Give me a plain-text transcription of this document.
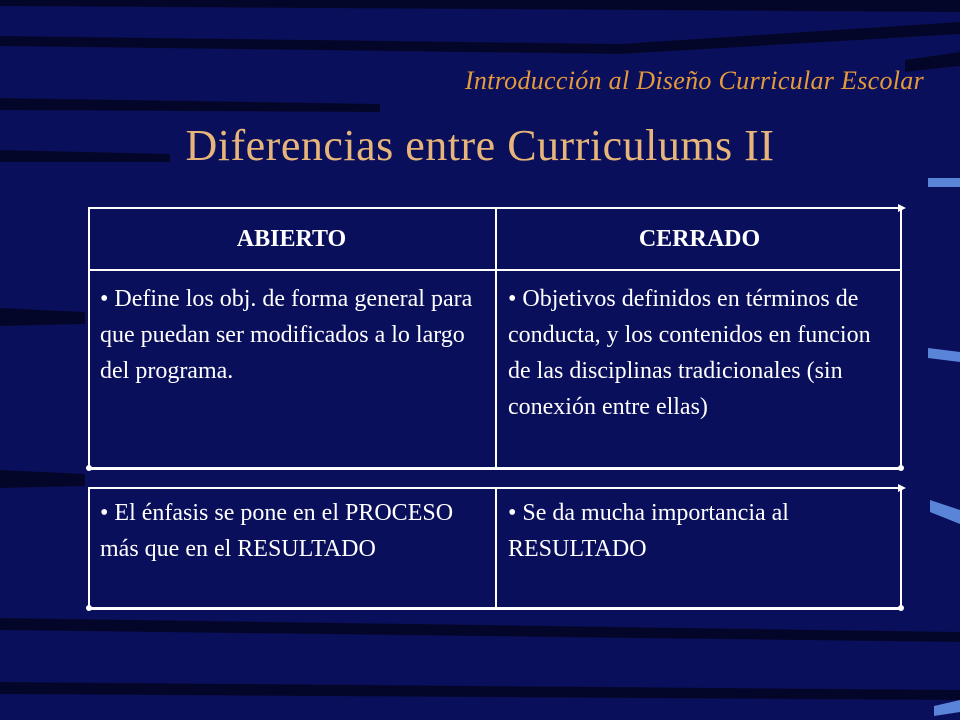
Introducción al Diseño Curricular Escolar
Diferencias entre Curriculums II
ABIERTO	CERRADO
• Define los obj. de forma general para que puedan ser modificados a lo largo del programa.
• Objetivos definidos en términos de conducta, y los contenidos en funcion de las disciplinas tradicionales (sin conexión entre ellas)
• El énfasis se pone en el PROCESO más que en el RESULTADO
• Se da mucha importancia al RESULTADO
